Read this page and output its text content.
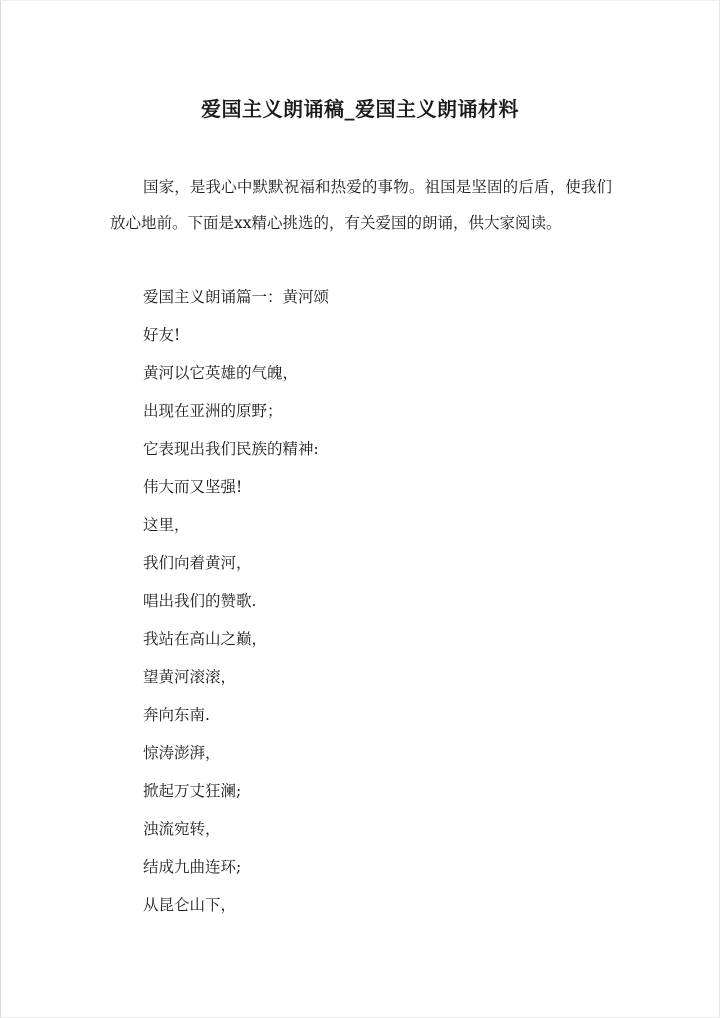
爱国主义朗诵稿_爱国主义朗诵材料
国家，是我心中默默祝福和热爱的事物。祖国是坚固的后盾，使我们放心地前。下面是xx精心挑选的，有关爱国的朗诵，供大家阅读。
爱国主义朗诵篇一：黄河颂
好友!
黄河以它英雄的气魄，
出现在亚洲的原野；
它表现出我们民族的精神:
伟大而又坚强!
这里，
我们向着黄河，
唱出我们的赞歌.
我站在高山之巅，
望黄河滚滚，
奔向东南.
惊涛澎湃，
掀起万丈狂澜;
浊流宛转，
结成九曲连环;
从昆仑山下，
